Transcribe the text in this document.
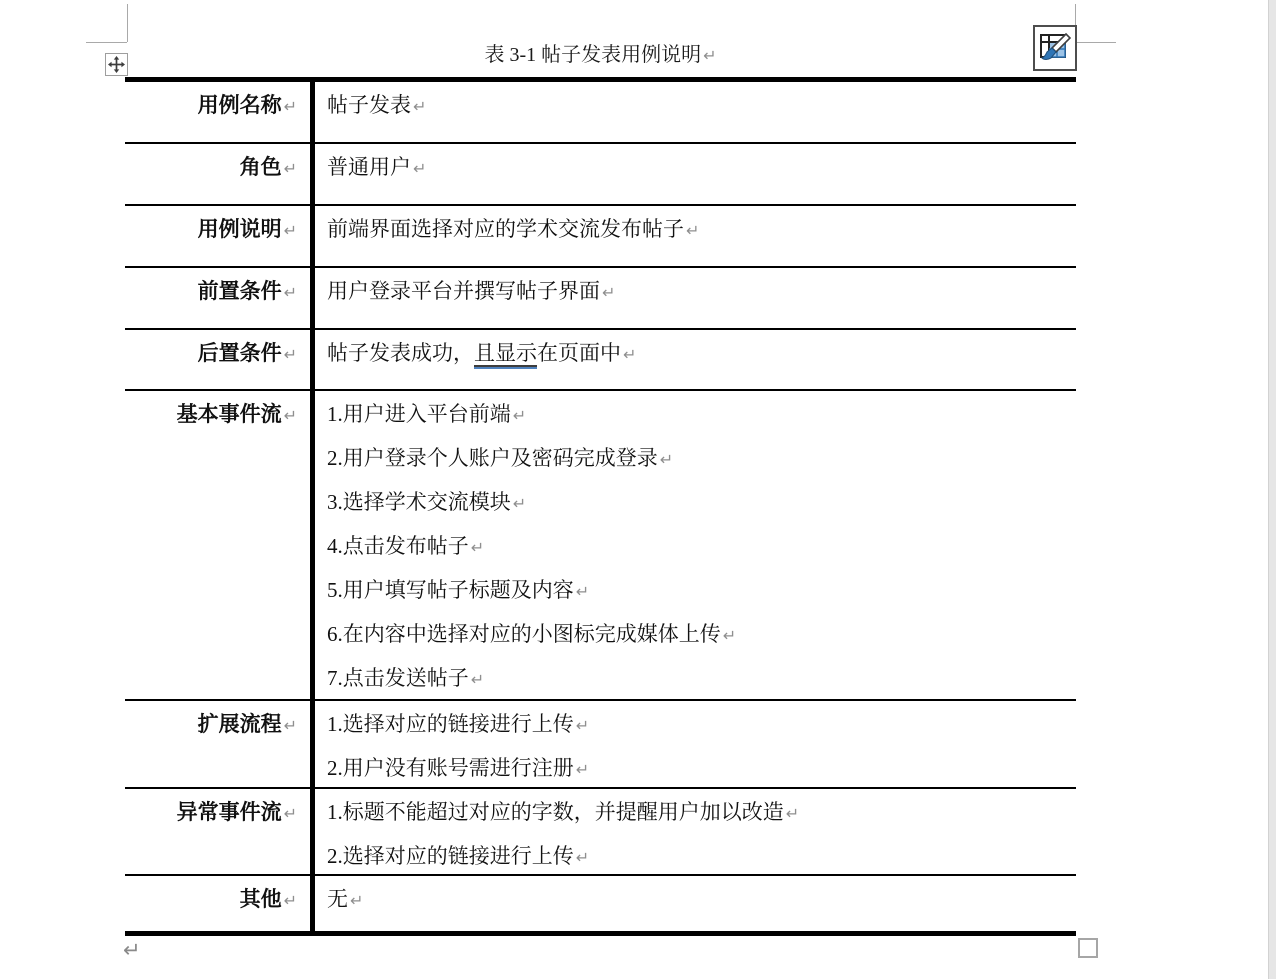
表 3-1 帖子发表用例说明 ↵
用例名称 ↵	帖子发表 ↵
角色 ↵	普通用户 ↵
用例说明 ↵	前端界面选择对应的学术交流发布帖子 ↵
前置条件 ↵	用户登录平台并撰写帖子界面 ↵
后置条件 ↵	帖子发表成功，且显示在页面中 ↵
基本事件流 ↵	1.用户进入平台前端 ↵
2.用户登录个人账户及密码完成登录 ↵
3.选择学术交流模块 ↵
4.点击发布帖子 ↵
5.用户填写帖子标题及内容 ↵
6.在内容中选择对应的小图标完成媒体上传 ↵
7.点击发送帖子 ↵
扩展流程 ↵	1.选择对应的链接进行上传 ↵
2.用户没有账号需进行注册 ↵
异常事件流 ↵	1.标题不能超过对应的字数，并提醒用户加以改造 ↵
2.选择对应的链接进行上传 ↵
其他 ↵	无 ↵
↵
